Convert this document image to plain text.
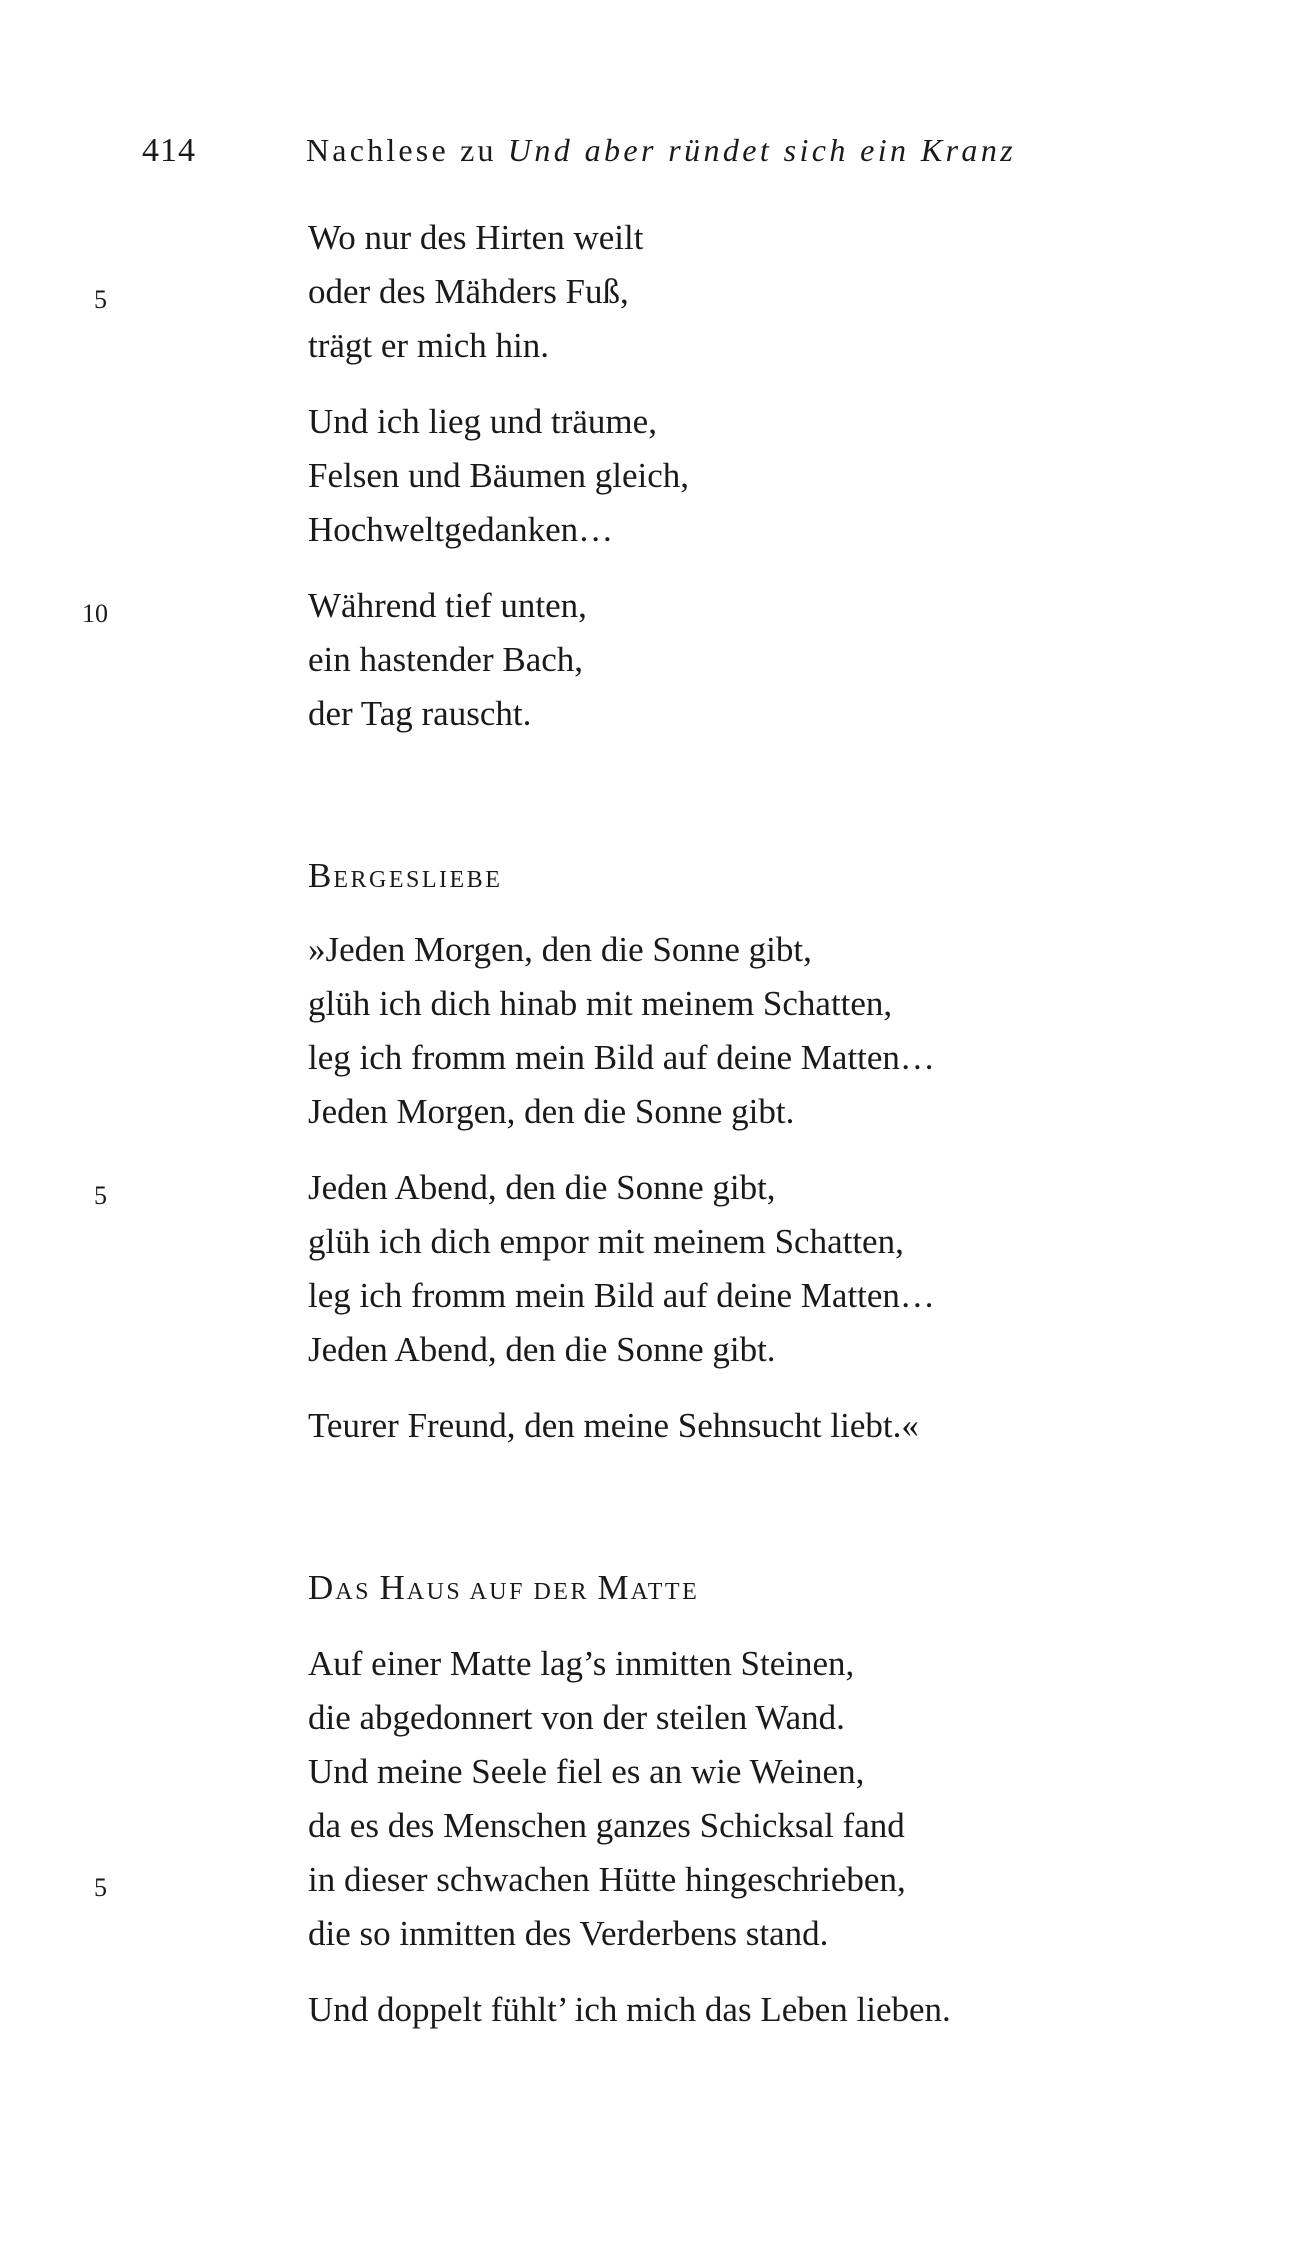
414	Nachlese zu Und aber ründet sich ein Kranz
Wo nur des Hirten weilt
oder des Mähders Fuß,
5
trägt er mich hin.
Und ich lieg und träume,
Felsen und Bäumen gleich,
Hochweltgedanken…
Während tief unten,
10
ein hastender Bach,
der Tag rauscht.
BERGESLIEBE
»Jeden Morgen, den die Sonne gibt,
glüh ich dich hinab mit meinem Schatten,
leg ich fromm mein Bild auf deine Matten…
Jeden Morgen, den die Sonne gibt.
Jeden Abend, den die Sonne gibt,
5
glüh ich dich empor mit meinem Schatten,
leg ich fromm mein Bild auf deine Matten…
Jeden Abend, den die Sonne gibt.
Teurer Freund, den meine Sehnsucht liebt.«
DAS HAUS AUF DER MATTE
Auf einer Matte lag’s inmitten Steinen,
die abgedonnert von der steilen Wand.
Und meine Seele fiel es an wie Weinen,
da es des Menschen ganzes Schicksal fand
in dieser schwachen Hütte hingeschrieben,
5
die so inmitten des Verderbens stand.
Und doppelt fühlt’ ich mich das Leben lieben.
